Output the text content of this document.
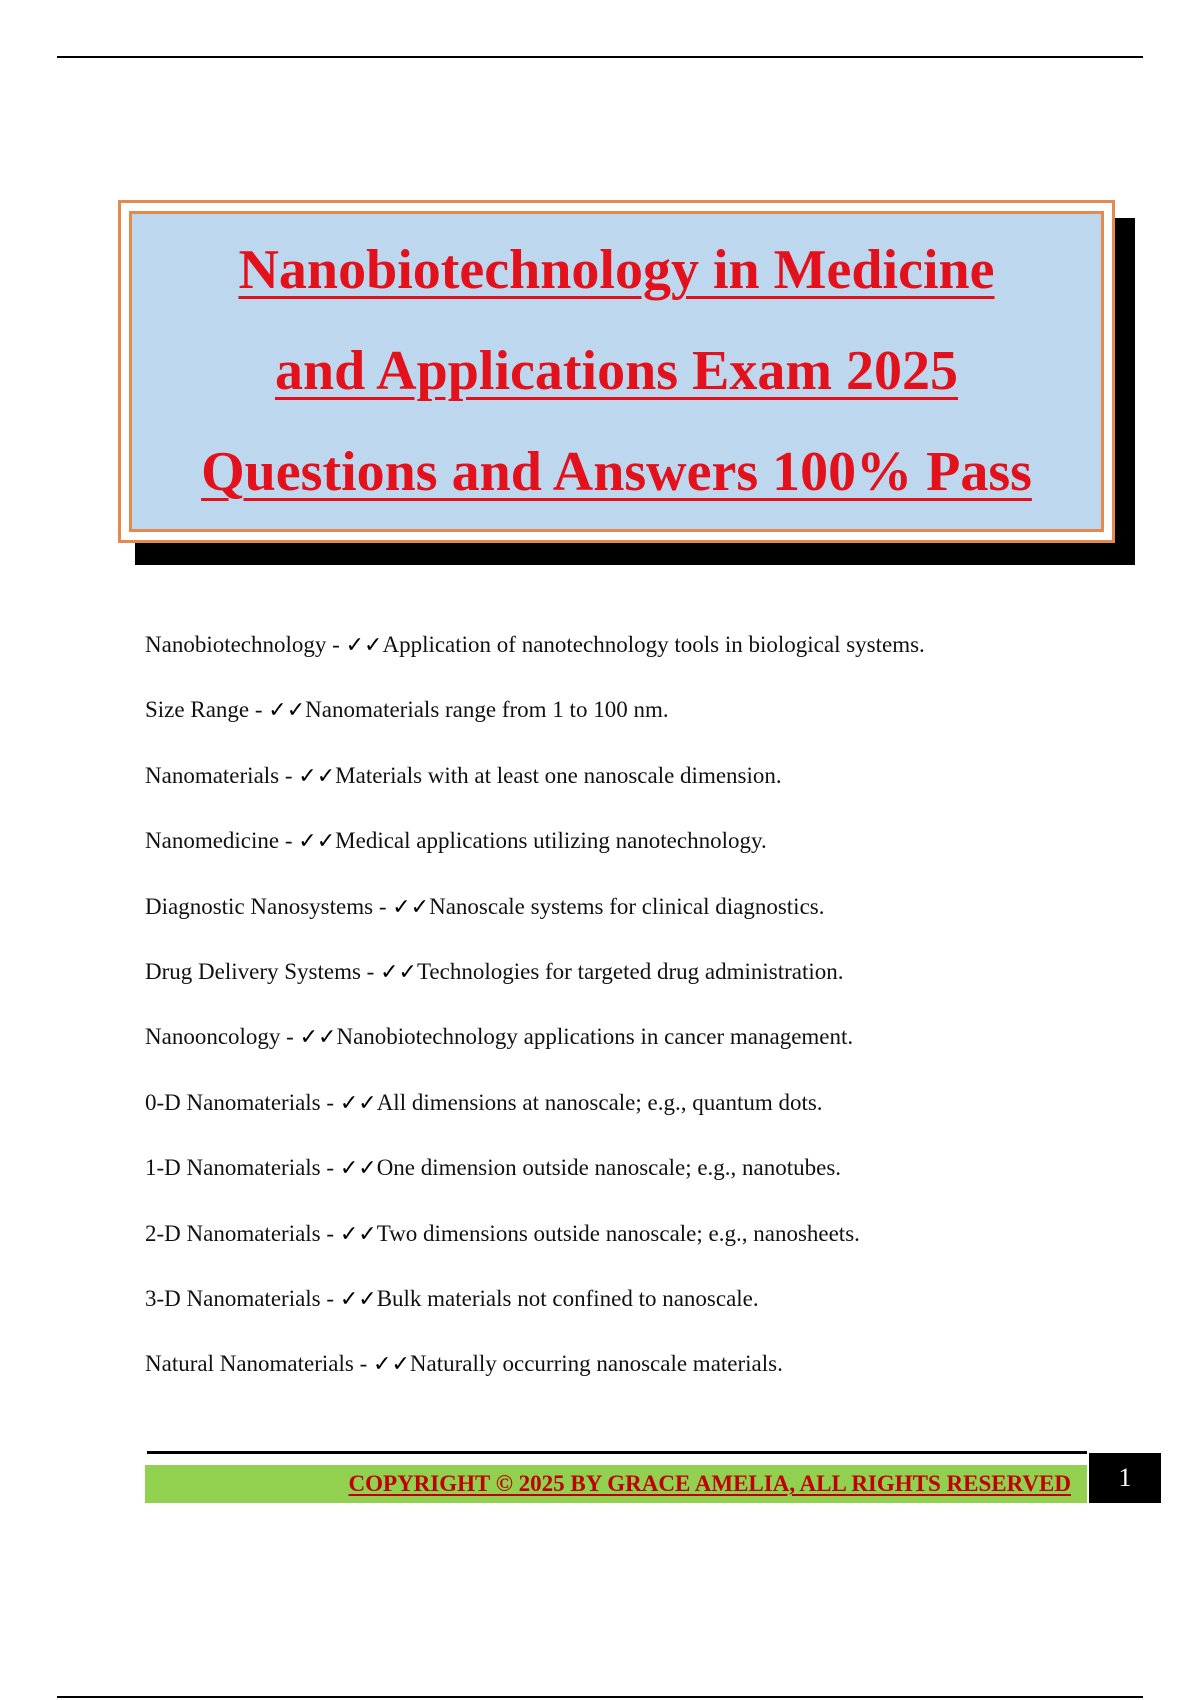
Nanobiotechnology in Medicine
and Applications Exam 2025
Questions and Answers 100% Pass
Nanobiotechnology - ✓✓Application of nanotechnology tools in biological systems.
Size Range - ✓✓Nanomaterials range from 1 to 100 nm.
Nanomaterials - ✓✓Materials with at least one nanoscale dimension.
Nanomedicine - ✓✓Medical applications utilizing nanotechnology.
Diagnostic Nanosystems - ✓✓Nanoscale systems for clinical diagnostics.
Drug Delivery Systems - ✓✓Technologies for targeted drug administration.
Nanooncology - ✓✓Nanobiotechnology applications in cancer management.
0-D Nanomaterials - ✓✓All dimensions at nanoscale; e.g., quantum dots.
1-D Nanomaterials - ✓✓One dimension outside nanoscale; e.g., nanotubes.
2-D Nanomaterials - ✓✓Two dimensions outside nanoscale; e.g., nanosheets.
3-D Nanomaterials - ✓✓Bulk materials not confined to nanoscale.
Natural Nanomaterials - ✓✓Naturally occurring nanoscale materials.
COPYRIGHT © 2025 BY GRACE AMELIA, ALL RIGHTS RESERVED	1
